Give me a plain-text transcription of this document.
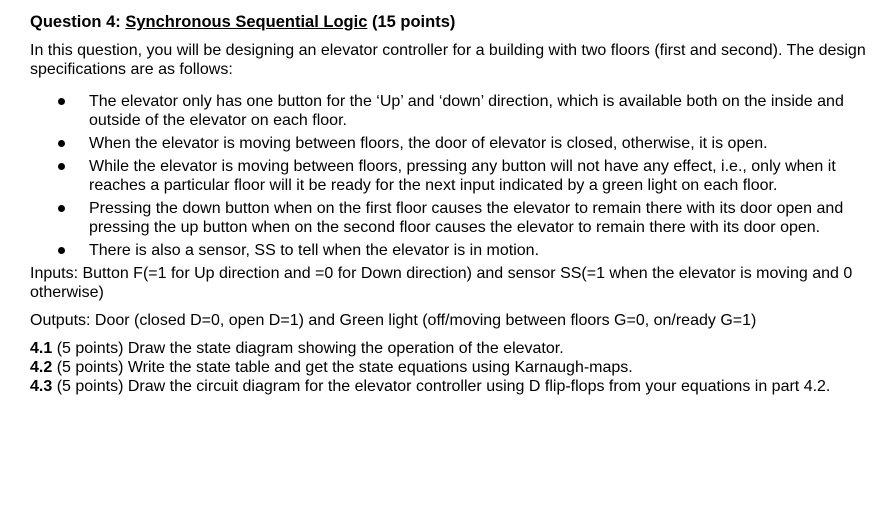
Question 4: Synchronous Sequential Logic (15 points)

In this question, you will be designing an elevator controller for a building with two floors (first and second). The design specifications are as follows:

The elevator only has one button for the ‘Up’ and ‘down’ direction, which is available both on the inside and outside of the elevator on each floor.
When the elevator is moving between floors, the door of elevator is closed, otherwise, it is open.
While the elevator is moving between floors, pressing any button will not have any effect, i.e., only when it reaches a particular floor will it be ready for the next input indicated by a green light on each floor.
Pressing the down button when on the first floor causes the elevator to remain there with its door open and pressing the up button when on the second floor causes the elevator to remain there with its door open.
There is also a sensor, SS to tell when the elevator is in motion.

Inputs: Button F(=1 for Up direction and =0 for Down direction) and sensor SS(=1 when the elevator is moving and 0 otherwise)

Outputs: Door (closed D=0, open D=1) and Green light (off/moving between floors G=0, on/ready G=1)

4.1 (5 points) Draw the state diagram showing the operation of the elevator.

4.2 (5 points) Write the state table and get the state equations using Karnaugh-maps.

4.3 (5 points) Draw the circuit diagram for the elevator controller using D flip-flops from your equations in part 4.2.
